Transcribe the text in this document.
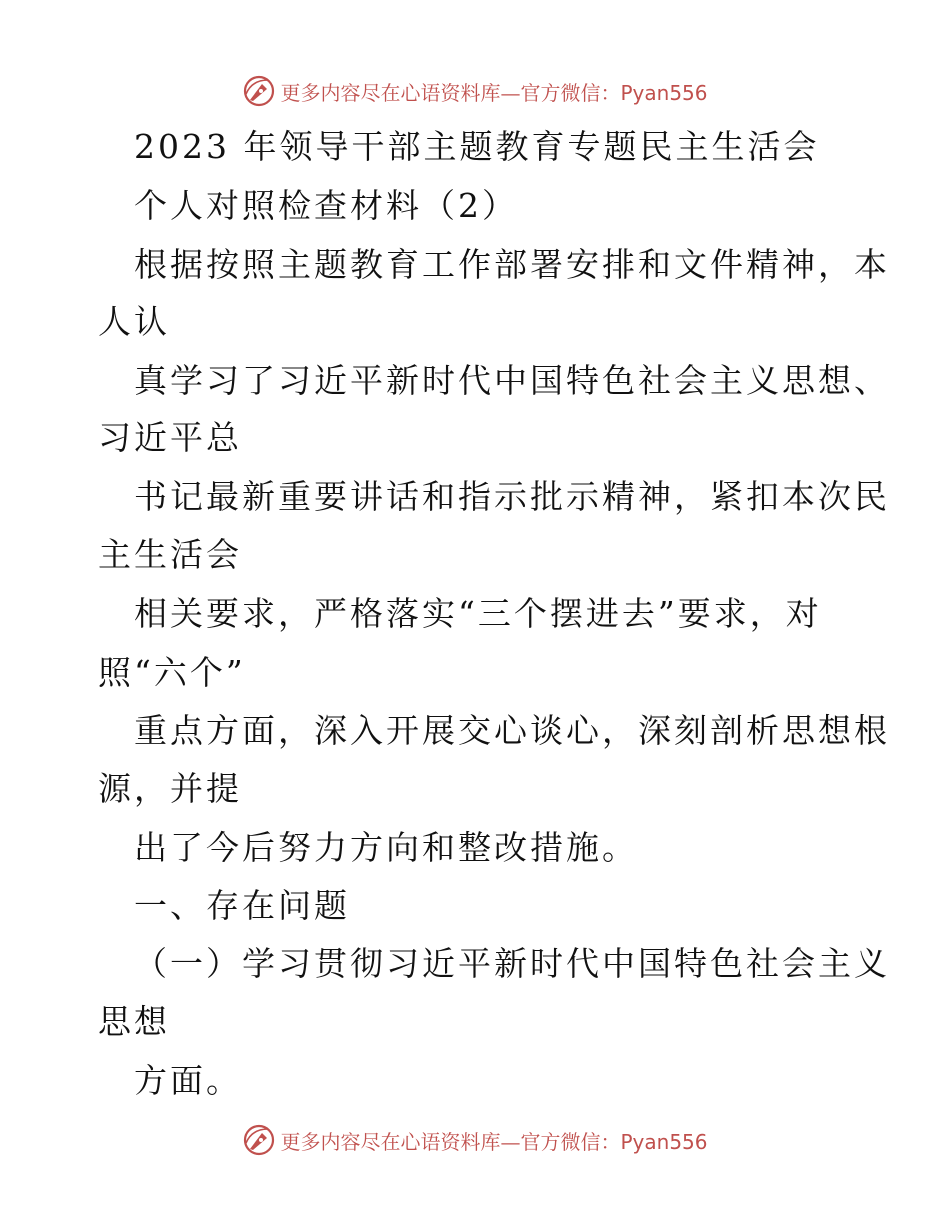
更多内容尽在心语资料库—官方微信：Pyan556
2023 年领导干部主题教育专题民主生活会
个人对照检查材料（2）
根据按照主题教育工作部署安排和文件精神，本
人认
真学习了习近平新时代中国特色社会主义思想、
习近平总
书记最新重要讲话和指示批示精神，紧扣本次民
主生活会
相关要求，严格落实“三个摆进去”要求，对
照“六个”
重点方面，深入开展交心谈心，深刻剖析思想根
源，并提
出了今后努力方向和整改措施。
一、存在问题
（一）学习贯彻习近平新时代中国特色社会主义
思想
方面。
更多内容尽在心语资料库—官方微信：Pyan556
